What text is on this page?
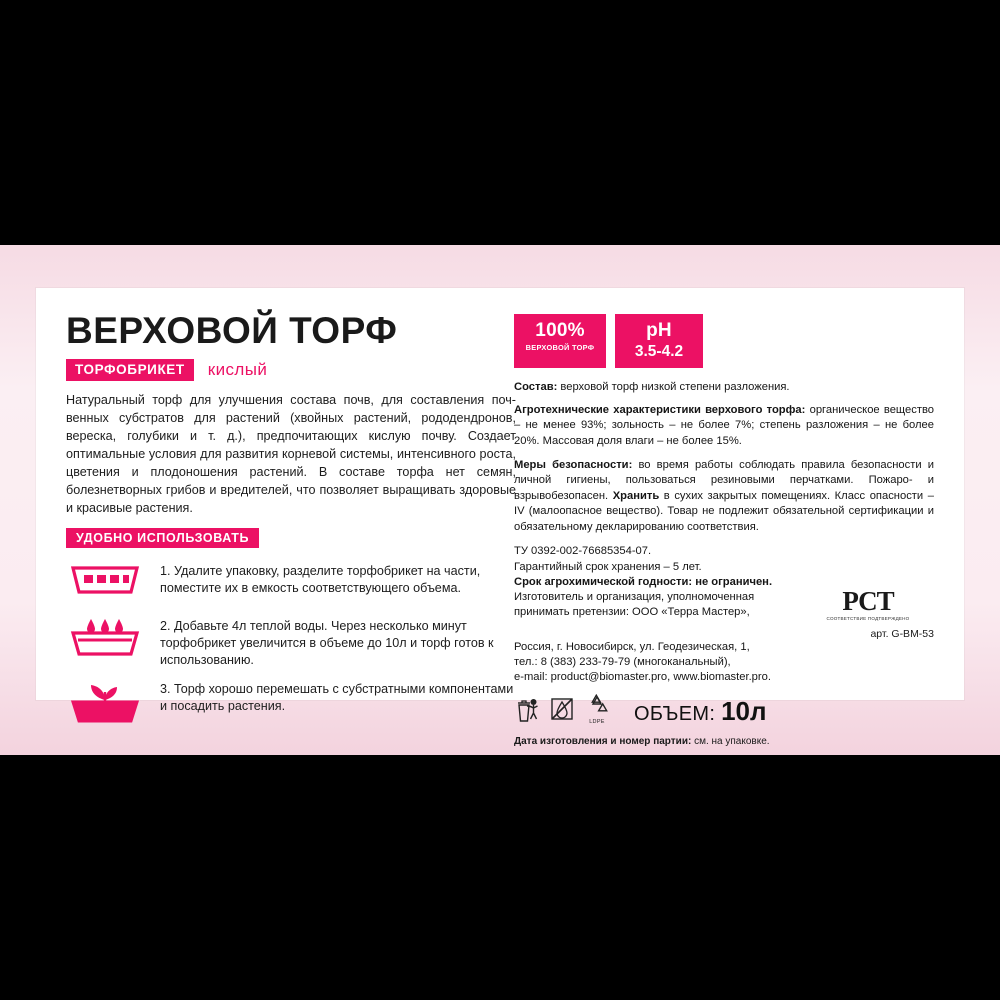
ВЕРХОВОЙ ТОРФ
ТОРФОБРИКЕТ	кислый

Натуральный торф для улучшения состава почв, для составления поч-венных субстратов для растений (хвойных растений, рододендронов, вереска, голубики и т. д.), предпочитающих кислую почву. Создает оптимальные условия для развития корневой системы, интенсивного роста, цветения и плодоношения растений. В составе торфа нет семян, болезнетворных грибов и вредителей, что позволяет выращивать здоровые и красивые растения.

УДОБНО ИСПОЛЬЗОВАТЬ
1. Удалите упаковку, разделите торфобрикет на части, поместите их в емкость соответствующего объема.
2. Добавьте 4л теплой воды. Через несколько минут торфобрикет увеличится в объеме до 10л и торф готов к использованию.
3. Торф хорошо перемешать с субстратными компонентами и посадить растения.
100%
ВЕРХОВОЙ ТОРФ
pH
3.5-4.2

Состав: верховой торф низкой степени разложения.

Агротехнические характеристики верхового торфа: органическое вещество – не менее 93%; зольность – не более 7%; степень разложения – не более 20%. Массовая доля влаги – не более 15%.

Меры безопасности: во время работы соблюдать правила безопасности и личной гигиены, пользоваться резиновыми перчатками. Пожаро- и взрывобезопасен. Хранить в сухих закрытых помещениях. Класс опасности – IV (малоопасное вещество). Товар не подлежит обязательной сертификации и обязательному декларированию соответствия.

ТУ 0392-002-76685354-07.

Гарантийный срок хранения – 5 лет.

Срок агрохимической годности: не ограничен.

Изготовитель и организация, уполномоченная

принимать претензии: ООО «Терра Мастер»,	РСТ
СООТВЕТСТВИЕ ПОДТВЕРЖДЕНО
арт. G-BM-53

Россия, г. Новосибирск, ул. Геодезическая, 1,

тел.: 8 (383) 233-79-79 (многоканальный),

e-mail: product@biomaster.pro, www.biomaster.pro.

LDPE ОБЪЕМ: 10л

Дата изготовления и номер партии: см. на упаковке.
